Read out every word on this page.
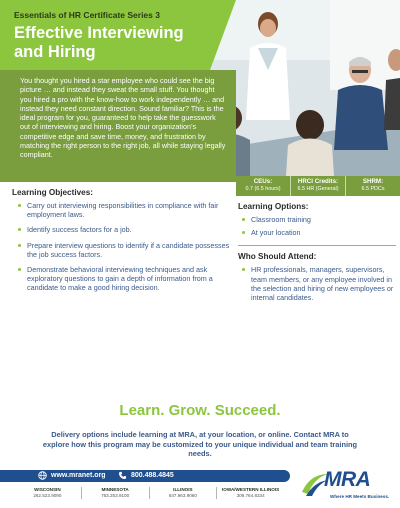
Essentials of HR Certificate Series 3
Effective Interviewing and Hiring
You thought you hired a star employee who could see the big picture … and instead they sweat the small stuff. You thought you hired a pro with the know-how to work independently … and instead they need constant direction. Sound familiar? This is the ideal program for you, guaranteed to help take the guesswork out of interviewing and hiring. Boost your organization’s competitive edge and save time, money, and frustration by matching the right person to the right job, all while staying legally compliant.
CEUs:
0.7 (6.5 hours)
HRCI Credits:
6.5 HR (General)
SHRM:
6.5 PDCs
Learning Objectives:
Carry out interviewing responsibilities in compliance with fair employment laws.
Identify success factors for a job.
Prepare interview questions to identify if a candidate possesses the job success factors.
Demonstrate behavioral interviewing techniques and ask exploratory questions to gain a depth of information from a candidate to make a good hiring decision.
Learning Options:
Classroom training
At your location
Who Should Attend:
HR professionals, managers, supervisors, team members, or any employee involved in the selection and hiring of new employees or internal candidates.
Learn. Grow. Succeed.
Delivery options include learning at MRA, at your location, or online. Contact MRA to explore how this program may be customized to your unique individual and team training needs.
www.mranet.org	800.488.4845
WISCONSIN
262.523.9090
MINNESOTA
763.253.9100
ILLINOIS
847.963.9060
IOWA/WESTERN ILLINOIS
309.764.8334
MRA
Where HR Meets Business.
